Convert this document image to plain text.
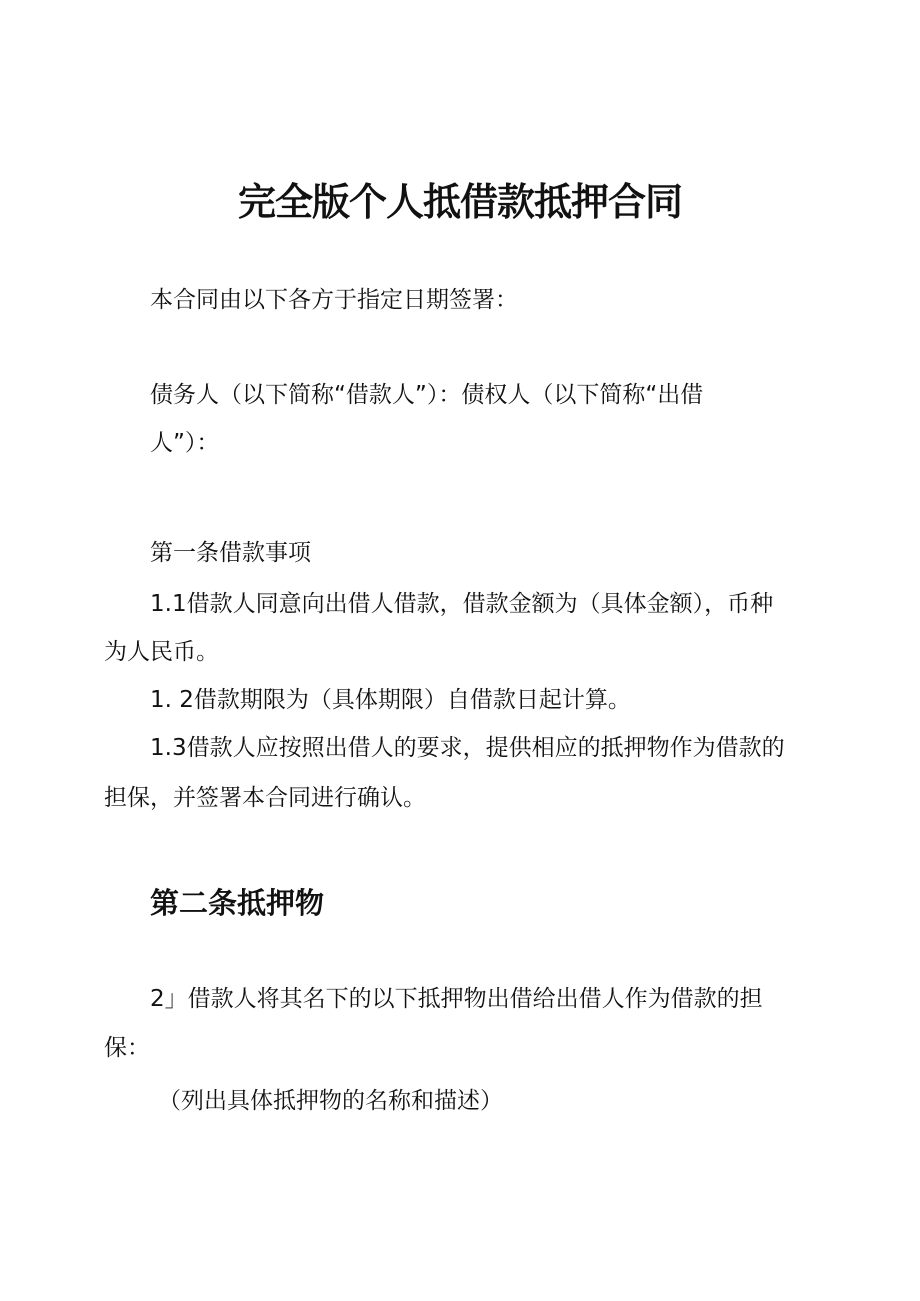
完全版个人抵借款抵押合同

本合同由以下各方于指定日期签署：

债务人（以下简称“借款人”）：债权人（以下简称“出借

人”）：

第一条借款事项

1.1借款人同意向出借人借款，借款金额为（具体金额），币种

为人民币。

1. 2借款期限为（具体期限）自借款日起计算。

1.3借款人应按照出借人的要求，提供相应的抵押物作为借款的

担保，并签署本合同进行确认。

第二条抵押物

2」借款人将其名下的以下抵押物出借给出借人作为借款的担

保：

（列出具体抵押物的名称和描述）
